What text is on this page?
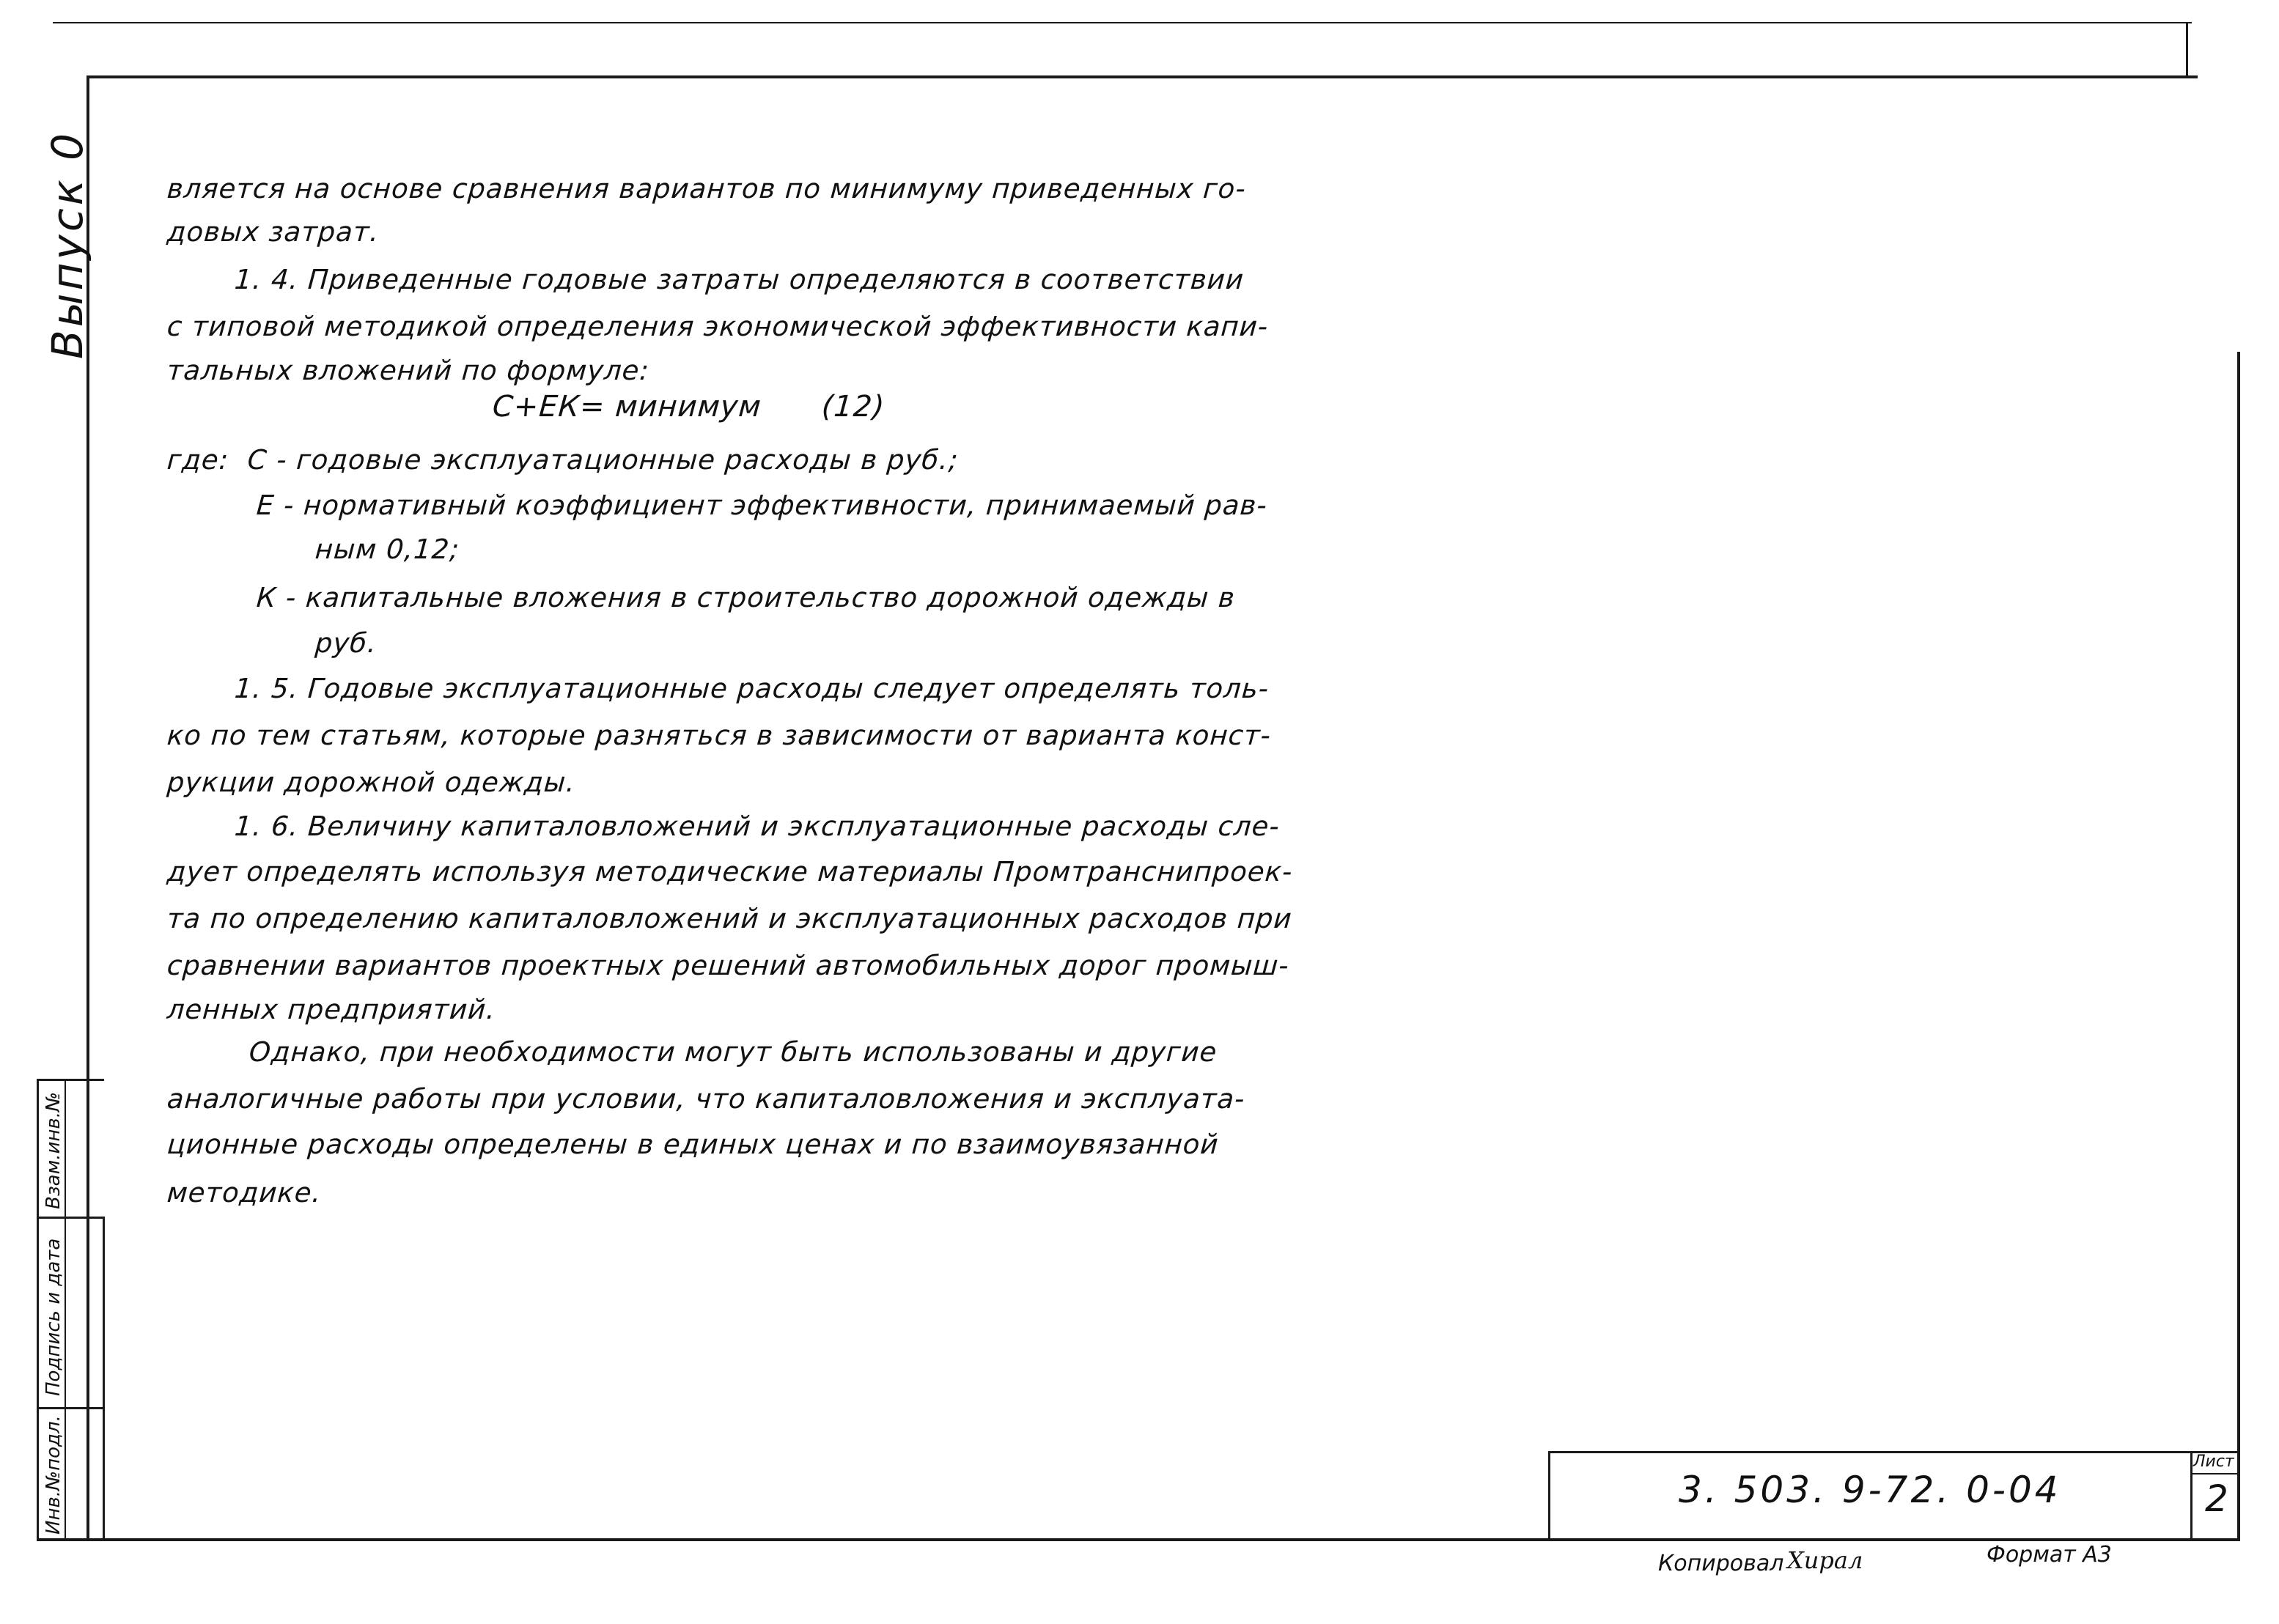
Выпуск 0
Взам.инв.№
Подпись и дата
Инв.№подл.
вляется на основе сравнения вариантов по минимуму приведенных го-
довых затрат.
1. 4. Приведенные годовые затраты определяются в соответствии
с типовой методикой определения экономической эффективности капи-
тальных вложений по формуле:
С+ЕК= минимум      (12)
где:  С - годовые эксплуатационные расходы в руб.;
Е - нормативный коэффициент эффективности, принимаемый рав-
ным 0,12;
К - капитальные вложения в строительство дорожной одежды в
руб.
1. 5. Годовые эксплуатационные расходы следует определять толь-
ко по тем статьям, которые разняться в зависимости от варианта конст-
рукции дорожной одежды.
1. 6. Величину капиталовложений и эксплуатационные расходы сле-
дует определять используя методические материалы Промтранснипроек-
та по определению капиталовложений и эксплуатационных расходов при
сравнении вариантов проектных решений автомобильных дорог промыш-
ленных предприятий.
Однако, при необходимости могут быть использованы и другие
аналогичные работы при условии, что капиталовложения и эксплуата-
ционные расходы определены в единых ценах и по взаимоувязанной
методике.
3. 503. 9-72. 0-04
Лист
2
Копировал Хирал	Формат А3
